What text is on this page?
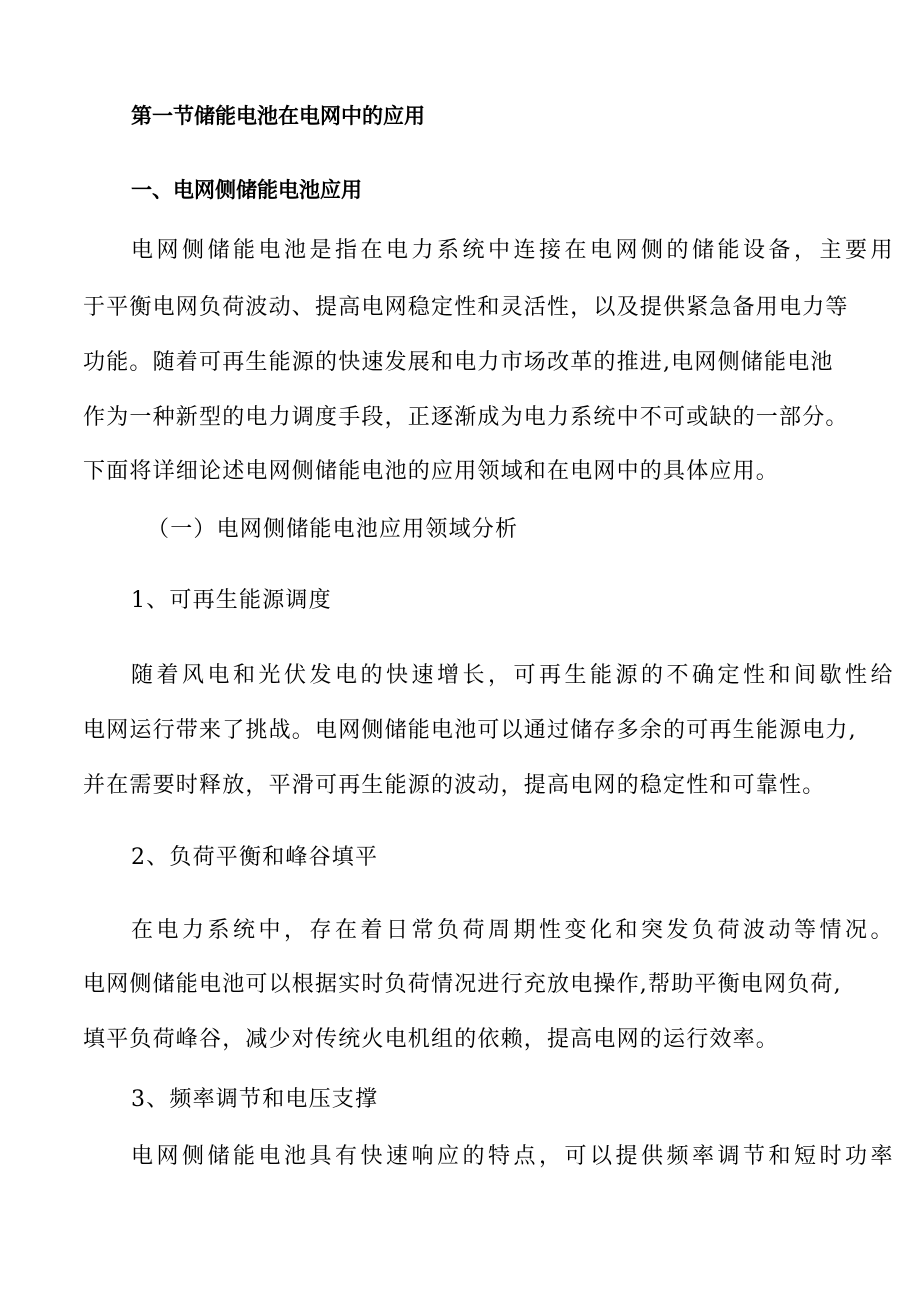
第一节储能电池在电网中的应用

一、电网侧储能电池应用

电网侧储能电池是指在电力系统中连接在电网侧的储能设备，主要用

于平衡电网负荷波动、提高电网稳定性和灵活性，以及提供紧急备用电力等

功能。随着可再生能源的快速发展和电力市场改革的推进,电网侧储能电池

作为一种新型的电力调度手段，正逐渐成为电力系统中不可或缺的一部分。

下面将详细论述电网侧储能电池的应用领域和在电网中的具体应用。

（一）电网侧储能电池应用领域分析

1、可再生能源调度

随着风电和光伏发电的快速增长，可再生能源的不确定性和间歇性给

电网运行带来了挑战。电网侧储能电池可以通过储存多余的可再生能源电力,

并在需要时释放，平滑可再生能源的波动，提高电网的稳定性和可靠性。

2、负荷平衡和峰谷填平

在电力系统中，存在着日常负荷周期性变化和突发负荷波动等情况。

电网侧储能电池可以根据实时负荷情况进行充放电操作,帮助平衡电网负荷,

填平负荷峰谷，减少对传统火电机组的依赖，提高电网的运行效率。

3、频率调节和电压支撑

电网侧储能电池具有快速响应的特点，可以提供频率调节和短时功率
